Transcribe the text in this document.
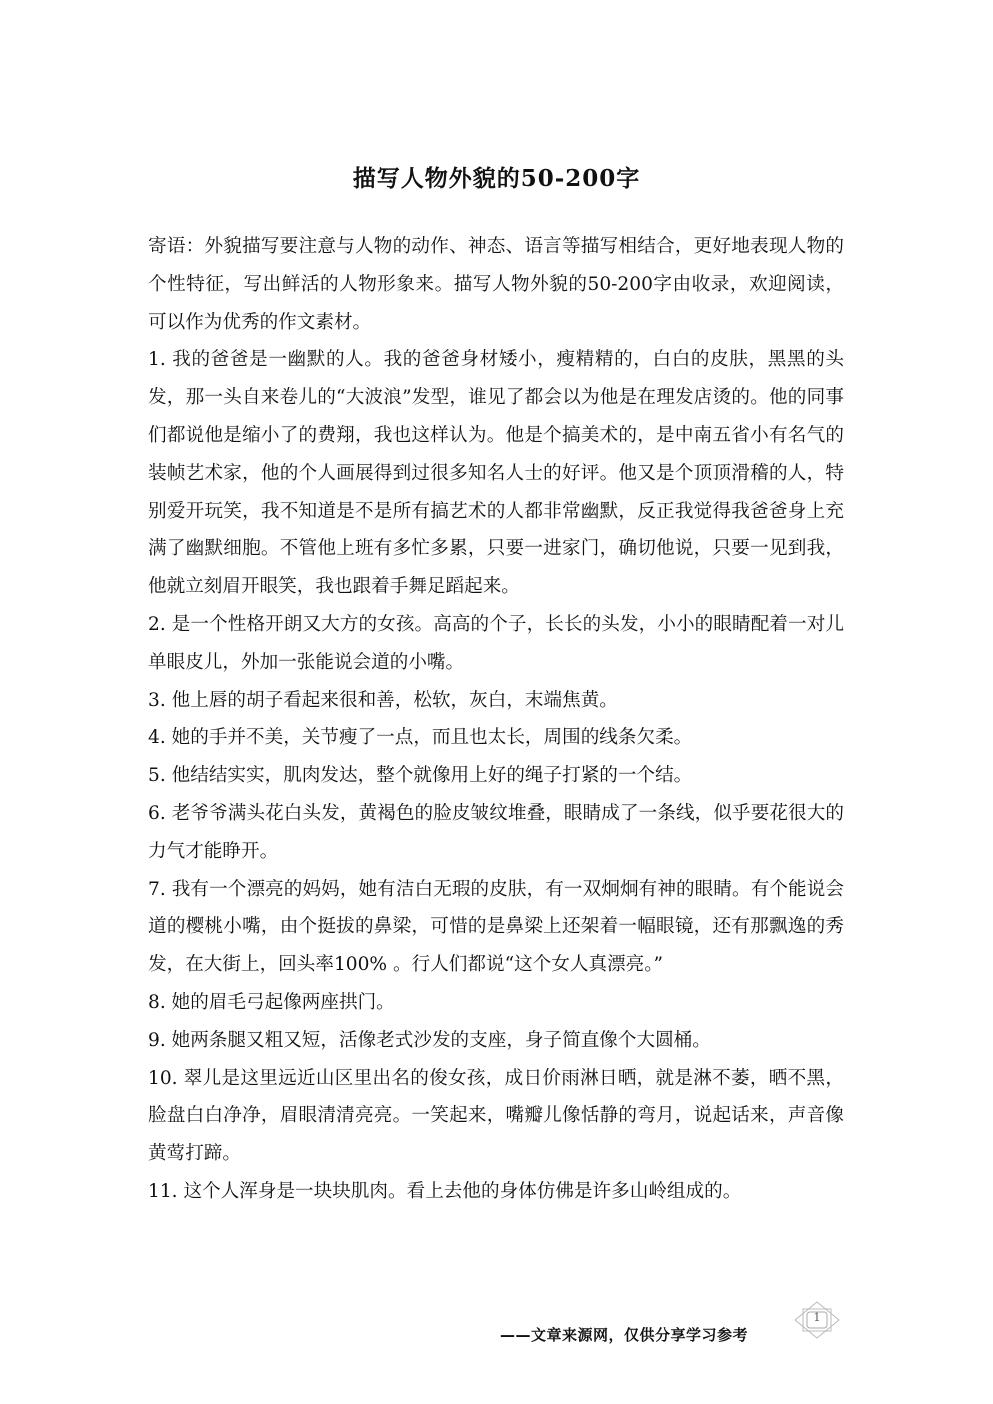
描写人物外貌的50-200字

寄语：外貌描写要注意与人物的动作、神态、语言等描写相结合，更好地表现人物的个性特征，写出鲜活的人物形象来。描写人物外貌的50-200字由收录，欢迎阅读，可以作为优秀的作文素材。

1. 我的爸爸是一幽默的人。我的爸爸身材矮小，瘦精精的，白白的皮肤，黑黑的头发，那一头自来卷儿的“大波浪”发型，谁见了都会以为他是在理发店烫的。他的同事们都说他是缩小了的费翔，我也这样认为。他是个搞美术的，是中南五省小有名气的装帧艺术家，他的个人画展得到过很多知名人士的好评。他又是个顶顶滑稽的人，特别爱开玩笑，我不知道是不是所有搞艺术的人都非常幽默，反正我觉得我爸爸身上充满了幽默细胞。不管他上班有多忙多累，只要一进家门，确切他说，只要一见到我，他就立刻眉开眼笑，我也跟着手舞足蹈起来。

2. 是一个性格开朗又大方的女孩。高高的个子，长长的头发，小小的眼睛配着一对儿单眼皮儿，外加一张能说会道的小嘴。

3. 他上唇的胡子看起来很和善，松软，灰白，末端焦黄。

4. 她的手并不美，关节瘦了一点，而且也太长，周围的线条欠柔。

5. 他结结实实，肌肉发达，整个就像用上好的绳子打紧的一个结。

6. 老爷爷满头花白头发，黄褐色的脸皮皱纹堆叠，眼睛成了一条线，似乎要花很大的力气才能睁开。

7. 我有一个漂亮的妈妈，她有洁白无瑕的皮肤，有一双炯炯有神的眼睛。有个能说会道的樱桃小嘴，由个挺拔的鼻梁，可惜的是鼻梁上还架着一幅眼镜，还有那飘逸的秀发，在大街上，回头率100% 。行人们都说“这个女人真漂亮。”

8. 她的眉毛弓起像两座拱门。

9. 她两条腿又粗又短，活像老式沙发的支座，身子简直像个大圆桶。

10. 翠儿是这里远近山区里出名的俊女孩，成日价雨淋日晒，就是淋不萎，晒不黑，脸盘白白净净，眉眼清清亮亮。一笑起来，嘴瓣儿像恬静的弯月，说起话来，声音像黄莺打蹄。

11. 这个人浑身是一块块肌肉。看上去他的身体仿佛是许多山岭组成的。

——文章来源网，仅供分享学习参考
1
